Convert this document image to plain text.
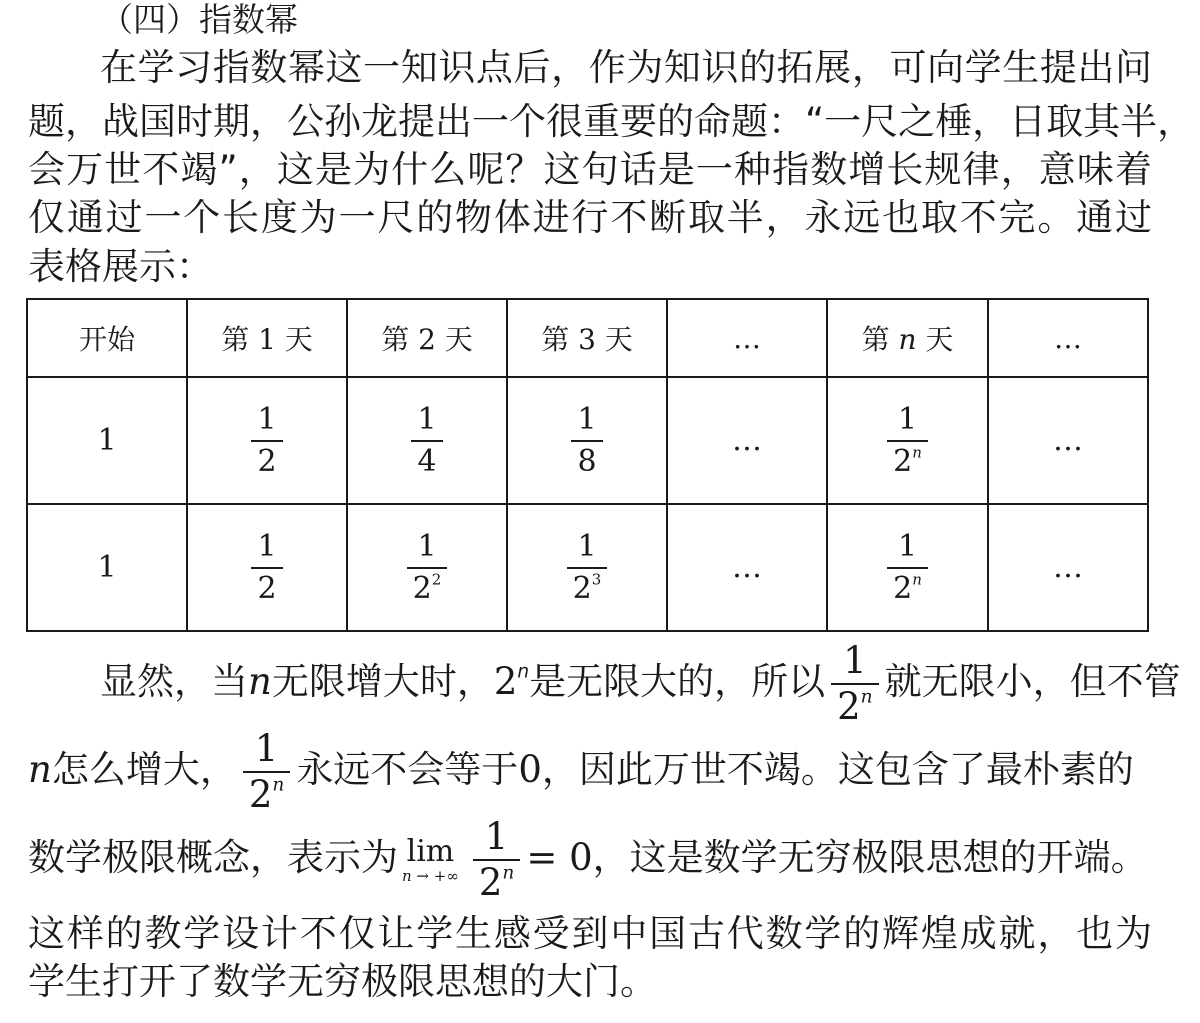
（四）指数幂
在学习指数幂这一知识点后，作为知识的拓展，可向学生提出问
题，战国时期，公孙龙提出一个很重要的命题：“一尺之棰，日取其半，
会万世不竭”，这是为什么呢？这句话是一种指数增长规律，意味着
仅通过一个长度为一尺的物体进行不断取半，永远也取不完。通过
表格展示：
开始	第 1 天	第 2 天	第 3 天	…	第 n 天	…
1	$\frac{1}{2}$	$\frac{1}{4}$	$\frac{1}{8}$	…	$\frac{1}{2^n}$	…
1	$\frac{1}{2}$	$\frac{1}{2^2}$	$\frac{1}{2^3}$	…	$\frac{1}{2^n}$	…
显然，当n无限增大时，2$^n$是无限大的，所以 $\frac{1}{2^n}$ 就无限小，但不管
n怎么增大， $\frac{1}{2^n}$ 永远不会等于0，因此万世不竭。这包含了最朴素的
数学极限概念，表示为 lim
n → +∞ $\frac{1}{2^n} = 0$，这是数学无穷极限思想的开端。
这样的教学设计不仅让学生感受到中国古代数学的辉煌成就，也为
学生打开了数学无穷极限思想的大门。
